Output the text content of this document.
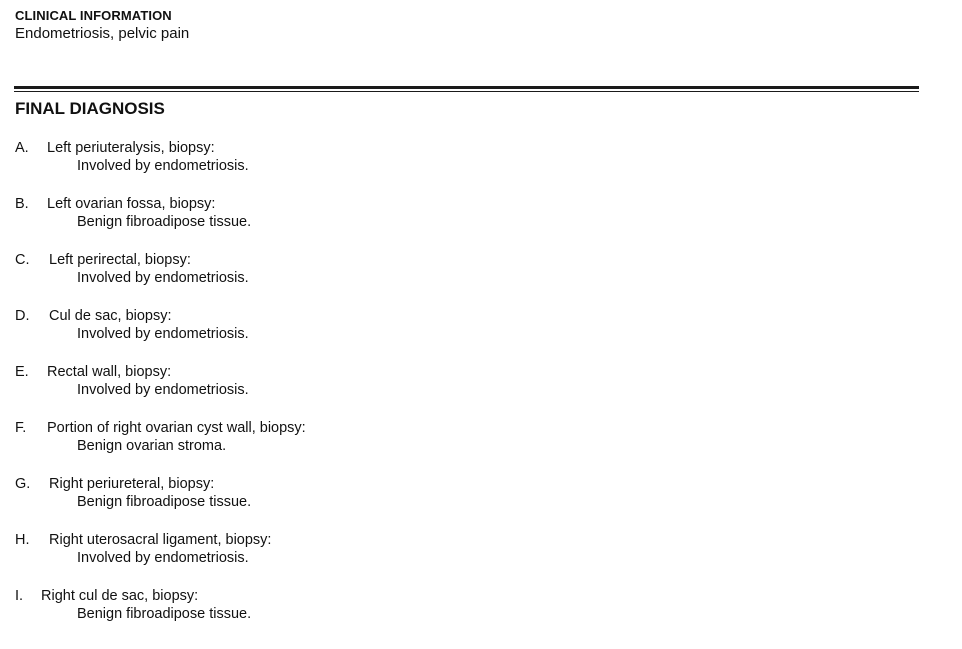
CLINICAL INFORMATION
Endometriosis, pelvic pain
FINAL DIAGNOSIS
A.	Left periuteralysis, biopsy:
Involved by endometriosis.
B.	Left ovarian fossa, biopsy:
Benign fibroadipose tissue.
C.	Left perirectal, biopsy:
Involved by endometriosis.
D.	Cul de sac, biopsy:
Involved by endometriosis.
E.	Rectal wall, biopsy:
Involved by endometriosis.
F.	Portion of right ovarian cyst wall, biopsy:
Benign ovarian stroma.
G.	Right periureteral, biopsy:
Benign fibroadipose tissue.
H.	Right uterosacral ligament, biopsy:
Involved by endometriosis.
I.	Right cul de sac, biopsy:
Benign fibroadipose tissue.
